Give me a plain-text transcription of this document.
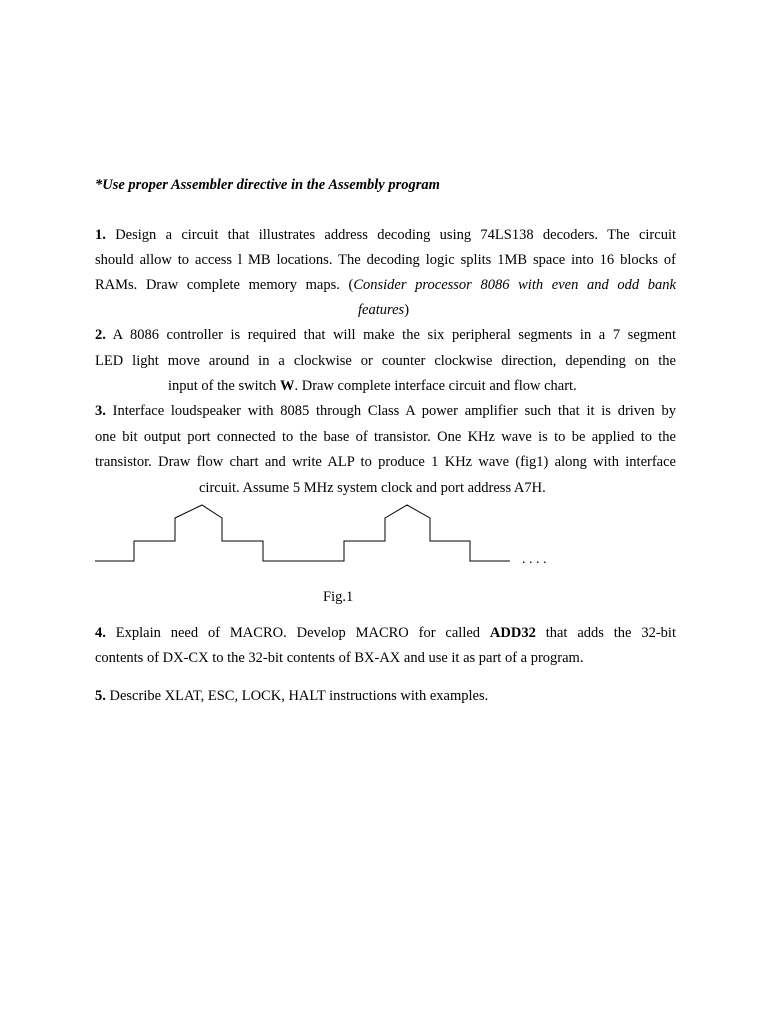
*Use proper Assembler directive in the Assembly program
1. Design a circuit that illustrates address decoding using 74LS138 decoders. The circuit
should allow to access l MB locations. The decoding logic splits 1MB space into 16 blocks of
RAMs. Draw complete memory maps. (Consider processor 8086 with even and odd bank
features)
2. A 8086 controller is required that will make the six peripheral segments in a 7 segment
LED light move around in a clockwise or counter clockwise direction, depending on the
input of the switch W. Draw complete interface circuit and flow chart.
3. Interface loudspeaker with 8085 through Class A power amplifier such that it is driven by
one bit output port connected to the base of transistor. One KHz wave is to be applied to the
transistor. Draw flow chart and write ALP to produce 1 KHz wave (fig1) along with interface
circuit. Assume 5 MHz system clock and port address A7H.
. . . .
Fig.1
4. Explain need of MACRO. Develop MACRO for called ADD32 that adds the 32-bit
contents of DX-CX to the 32-bit contents of BX-AX and use it as part of a program.
5. Describe XLAT, ESC, LOCK, HALT instructions with examples.
